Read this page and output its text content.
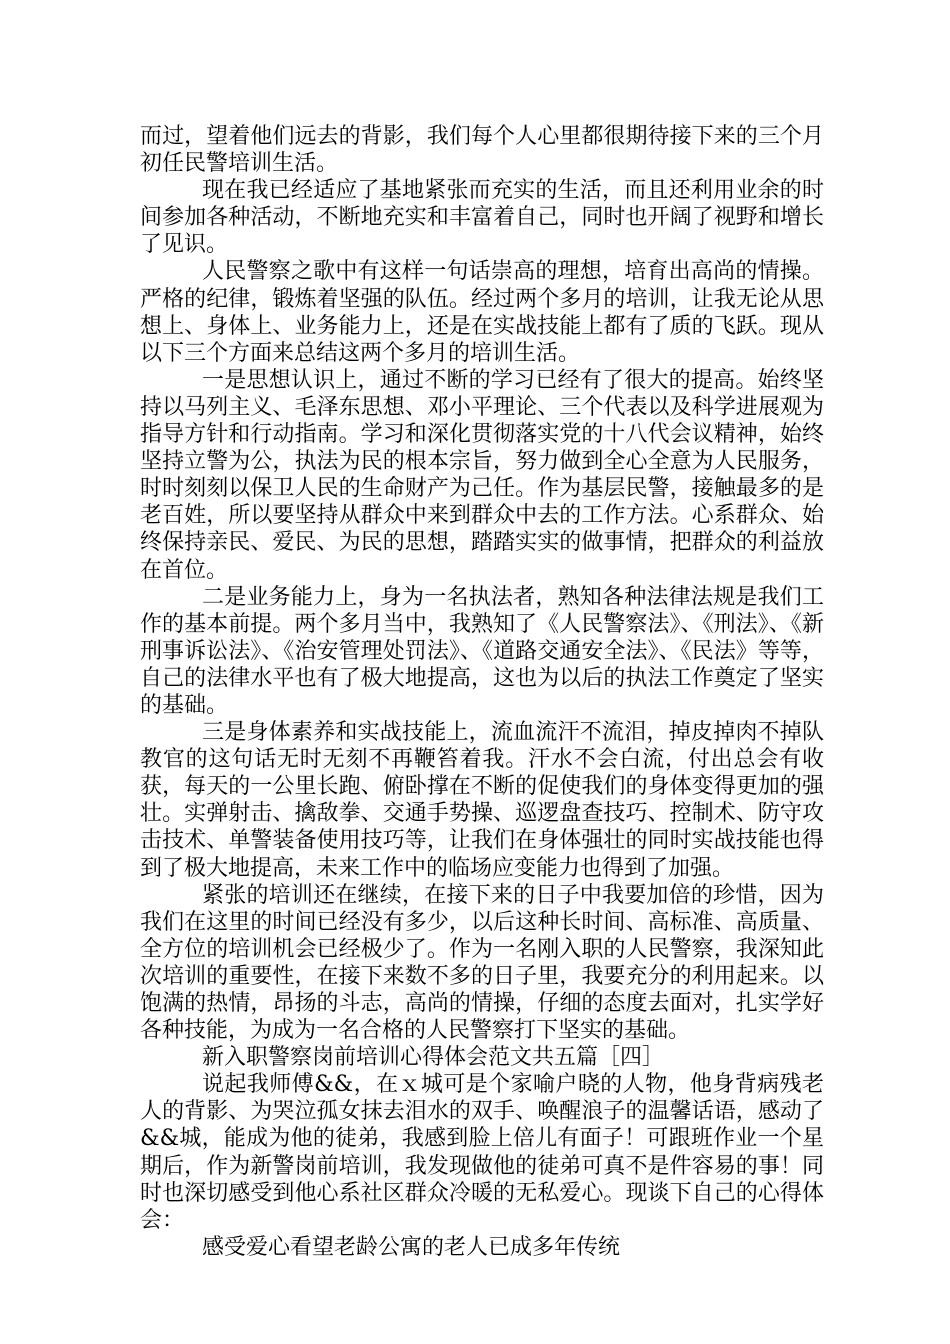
而过，望着他们远去的背影，我们每个人心里都很期待接下来的三个月初任民警培训生活。

现在我已经适应了基地紧张而充实的生活，而且还利用业余的时间参加各种活动，不断地充实和丰富着自己，同时也开阔了视野和增长了见识。

人民警察之歌中有这样一句话崇高的理想，培育出高尚的情操。严格的纪律，锻炼着坚强的队伍。经过两个多月的培训，让我无论从思想上、身体上、业务能力上，还是在实战技能上都有了质的飞跃。现从以下三个方面来总结这两个多月的培训生活。

一是思想认识上，通过不断的学习已经有了很大的提高。始终坚持以马列主义、毛泽东思想、邓小平理论、三个代表以及科学进展观为指导方针和行动指南。学习和深化贯彻落实党的十八代会议精神，始终坚持立警为公，执法为民的根本宗旨，努力做到全心全意为人民服务，时时刻刻以保卫人民的生命财产为己任。作为基层民警，接触最多的是老百姓，所以要坚持从群众中来到群众中去的工作方法。心系群众、始终保持亲民、爱民、为民的思想，踏踏实实的做事情，把群众的利益放在首位。

二是业务能力上，身为一名执法者，熟知各种法律法规是我们工作的基本前提。两个多月当中，我熟知了《人民警察法》、《刑法》、《新刑事诉讼法》、《治安管理处罚法》、《道路交通安全法》、《民法》等等，自己的法律水平也有了极大地提高，这也为以后的执法工作奠定了坚实的基础。

三是身体素养和实战技能上，流血流汗不流泪，掉皮掉肉不掉队教官的这句话无时无刻不再鞭笞着我。汗水不会白流，付出总会有收获，每天的一公里长跑、俯卧撑在不断的促使我们的身体变得更加的强壮。实弹射击、擒敌拳、交通手势操、巡逻盘查技巧、控制术、防守攻击技术、单警装备使用技巧等，让我们在身体强壮的同时实战技能也得到了极大地提高，未来工作中的临场应变能力也得到了加强。

紧张的培训还在继续，在接下来的日子中我要加倍的珍惜，因为我们在这里的时间已经没有多少，以后这种长时间、高标准、高质量、全方位的培训机会已经极少了。作为一名刚入职的人民警察，我深知此次培训的重要性，在接下来数不多的日子里，我要充分的利用起来。以饱满的热情，昂扬的斗志，高尚的情操，仔细的态度去面对，扎实学好各种技能，为成为一名合格的人民警察打下坚实的基础。

新入职警察岗前培训心得体会范文共五篇［四］

说起我师傅&&，在ｘ城可是个家喻户晓的人物，他身背病残老人的背影、为哭泣孤女抹去泪水的双手、唤醒浪子的温馨话语，感动了&&城，能成为他的徒弟，我感到脸上倍儿有面子！可跟班作业一个星期后，作为新警岗前培训，我发现做他的徒弟可真不是件容易的事！同时也深切感受到他心系社区群众冷暖的无私爱心。现谈下自己的心得体会：

感受爱心看望老龄公寓的老人已成多年传统
